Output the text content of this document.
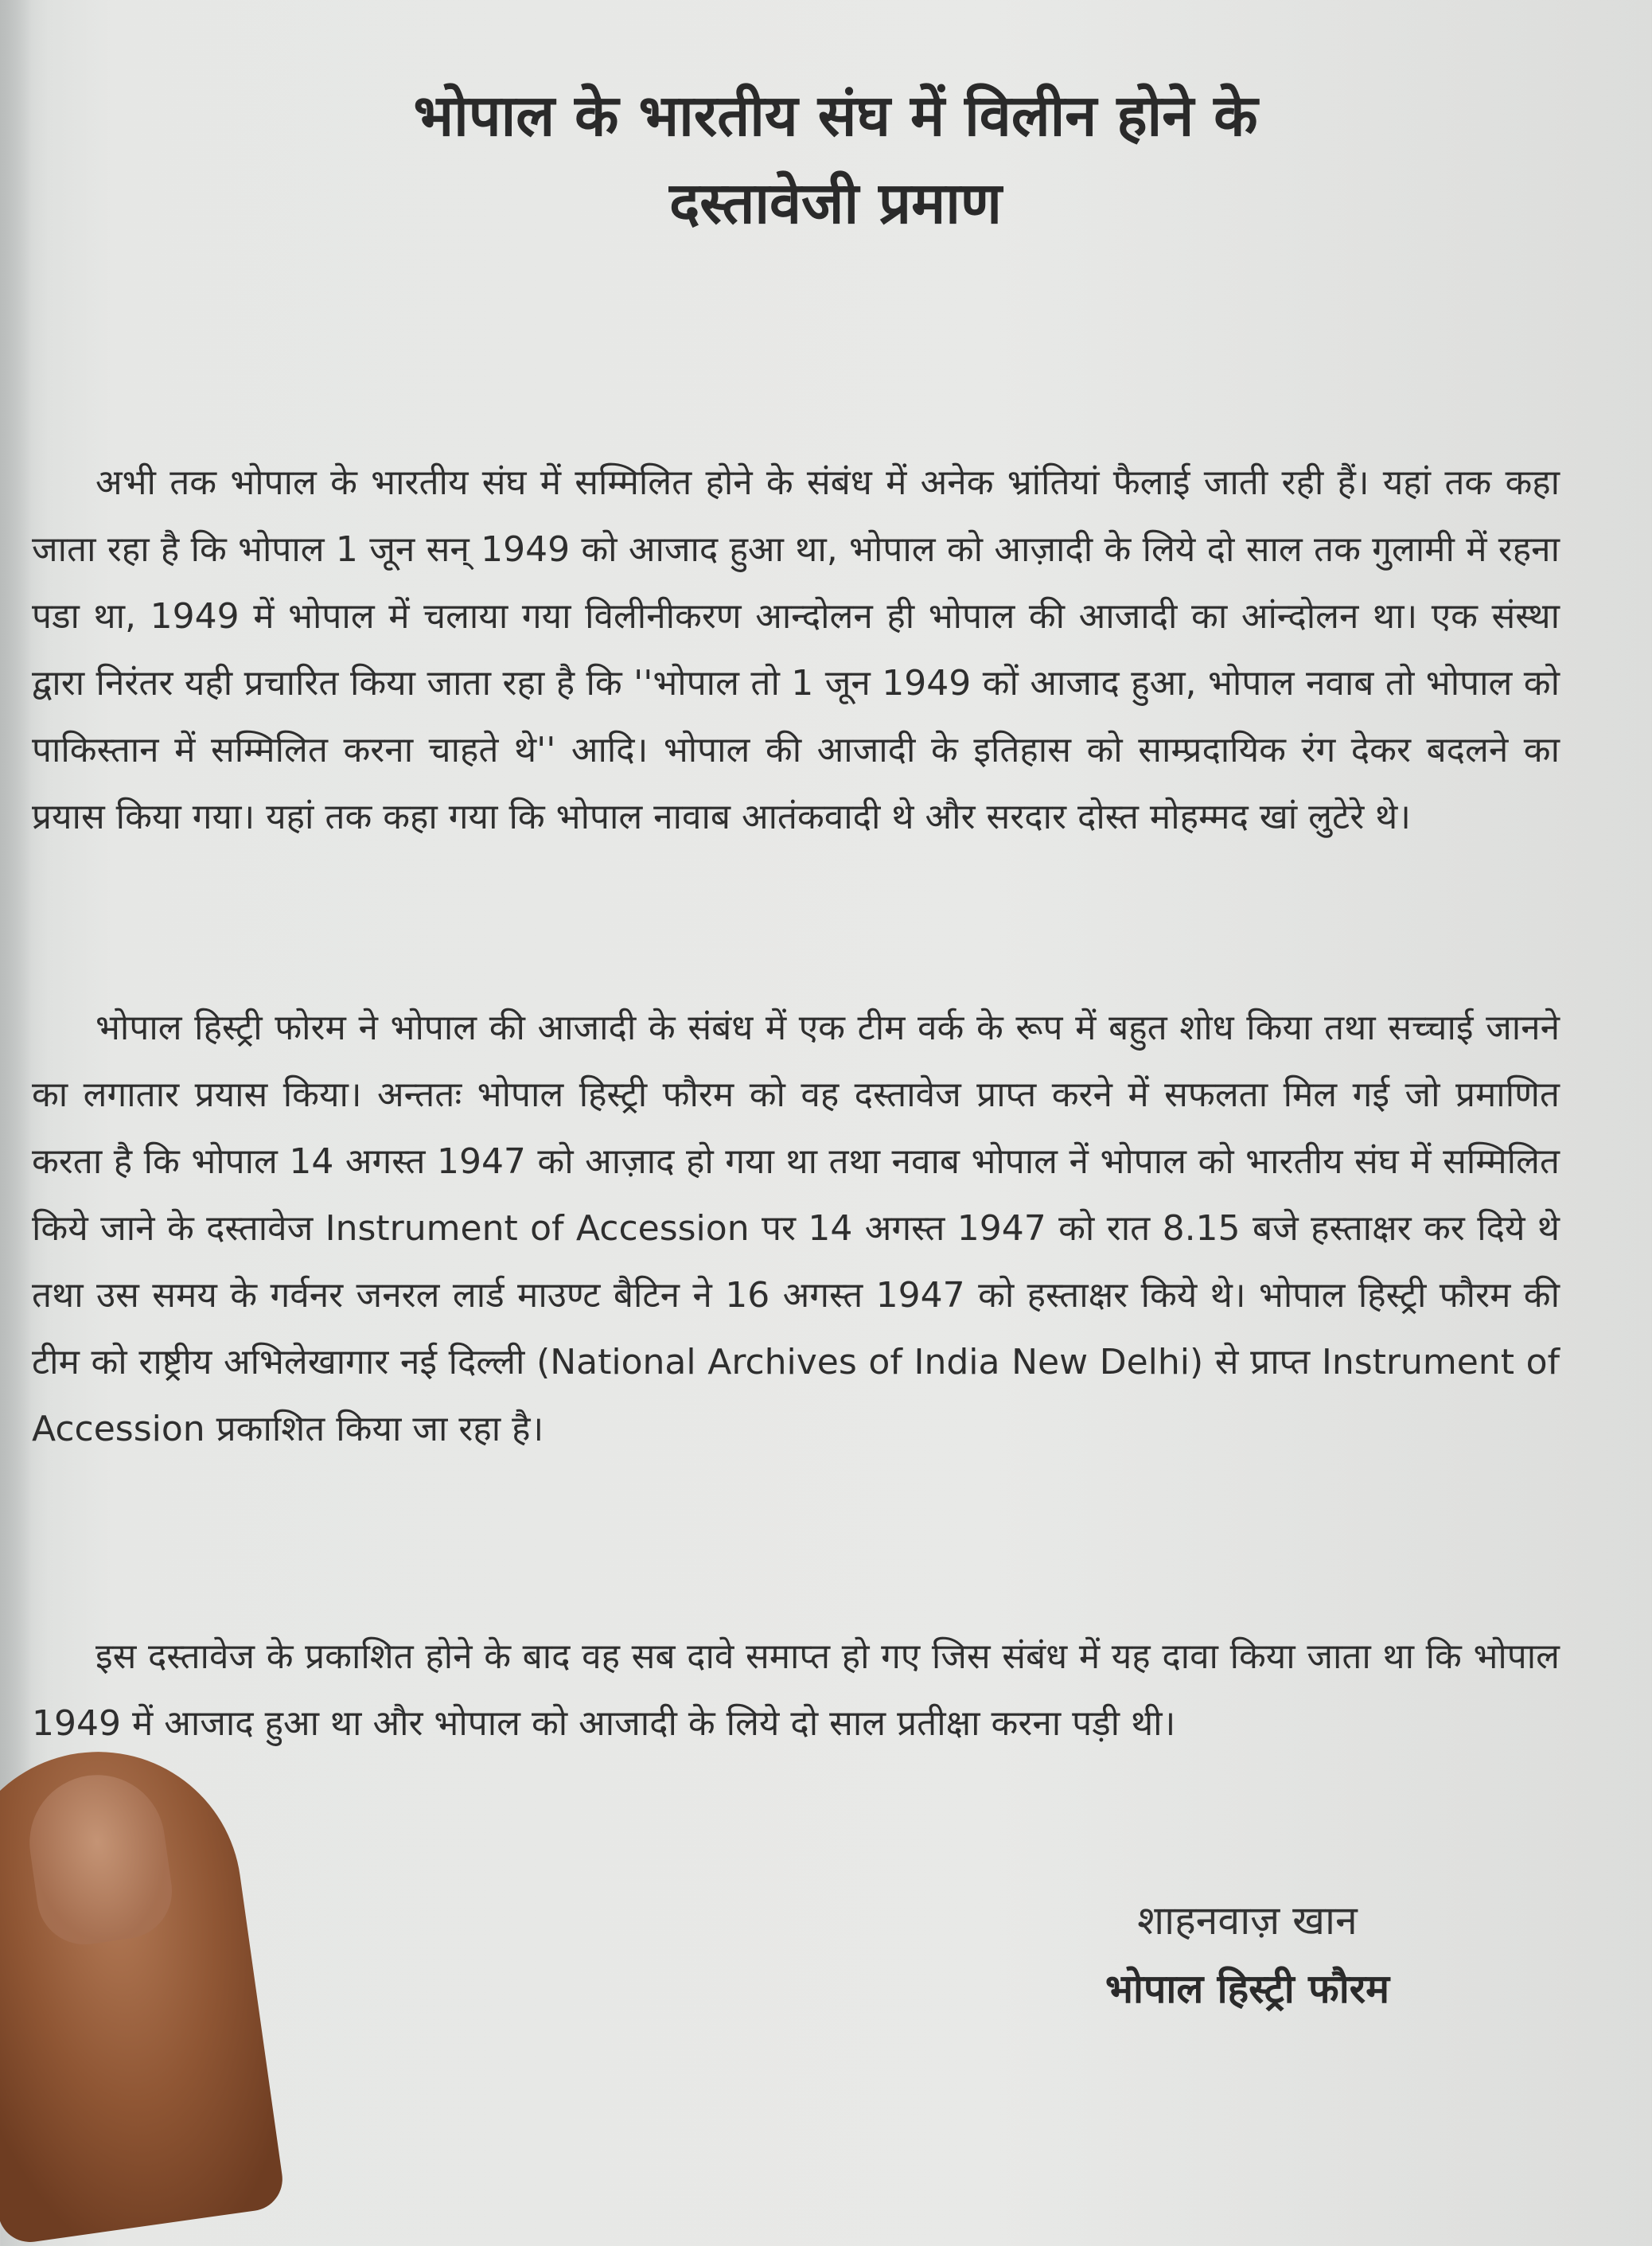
भोपाल के भारतीय संघ में विलीन होने के
दस्तावेजी प्रमाण

अभी तक भोपाल के भारतीय संघ में सम्मिलित होने के संबंध में अनेक भ्रांतियां फैलाई जाती रही हैं। यहां तक कहा जाता रहा है कि भोपाल 1 जून सन् 1949 को आजाद हुआ था, भोपाल को आज़ादी के लिये दो साल तक गुलामी में रहना पडा था, 1949 में भोपाल में चलाया गया विलीनीकरण आन्दोलन ही भोपाल की आजादी का आंन्दोलन था। एक संस्था द्वारा निरंतर यही प्रचारित किया जाता रहा है कि ''भोपाल तो 1 जून 1949 कों आजाद हुआ, भोपाल नवाब तो भोपाल को पाकिस्तान में सम्मिलित करना चाहते थे'' आदि। भोपाल की आजादी के इतिहास को साम्प्रदायिक रंग देकर बदलने का प्रयास किया गया। यहां तक कहा गया कि भोपाल नावाब आतंकवादी थे और सरदार दोस्त मोहम्मद खां लुटेरे थे।

भोपाल हिस्ट्री फोरम ने भोपाल की आजादी के संबंध में एक टीम वर्क के रूप में बहुत शोध किया तथा सच्चाई जानने का लगातार प्रयास किया। अन्ततः भोपाल हिस्ट्री फौरम को वह दस्तावेज प्राप्त करने में सफलता मिल गई जो प्रमाणित करता है कि भोपाल 14 अगस्त 1947 को आज़ाद हो गया था तथा नवाब भोपाल नें भोपाल को भारतीय संघ में सम्मिलित किये जाने के दस्तावेज Instrument of Accession पर 14 अगस्त 1947 को रात 8.15 बजे हस्ताक्षर कर दिये थे तथा उस समय के गर्वनर जनरल लार्ड माउण्ट बैटिन ने 16 अगस्त 1947 को हस्ताक्षर किये थे। भोपाल हिस्ट्री फौरम की टीम को राष्ट्रीय अभिलेखागार नई दिल्ली (National Archives of India New Delhi) से प्राप्त Instrument of Accession प्रकाशित किया जा रहा है।

इस दस्तावेज के प्रकाशित होने के बाद वह सब दावे समाप्त हो गए जिस संबंध में यह दावा किया जाता था कि भोपाल 1949 में आजाद हुआ था और भोपाल को आजादी के लिये दो साल प्रतीक्षा करना पड़ी थी।

शाहनवाज़ खान
भोपाल हिस्ट्री फौरम
